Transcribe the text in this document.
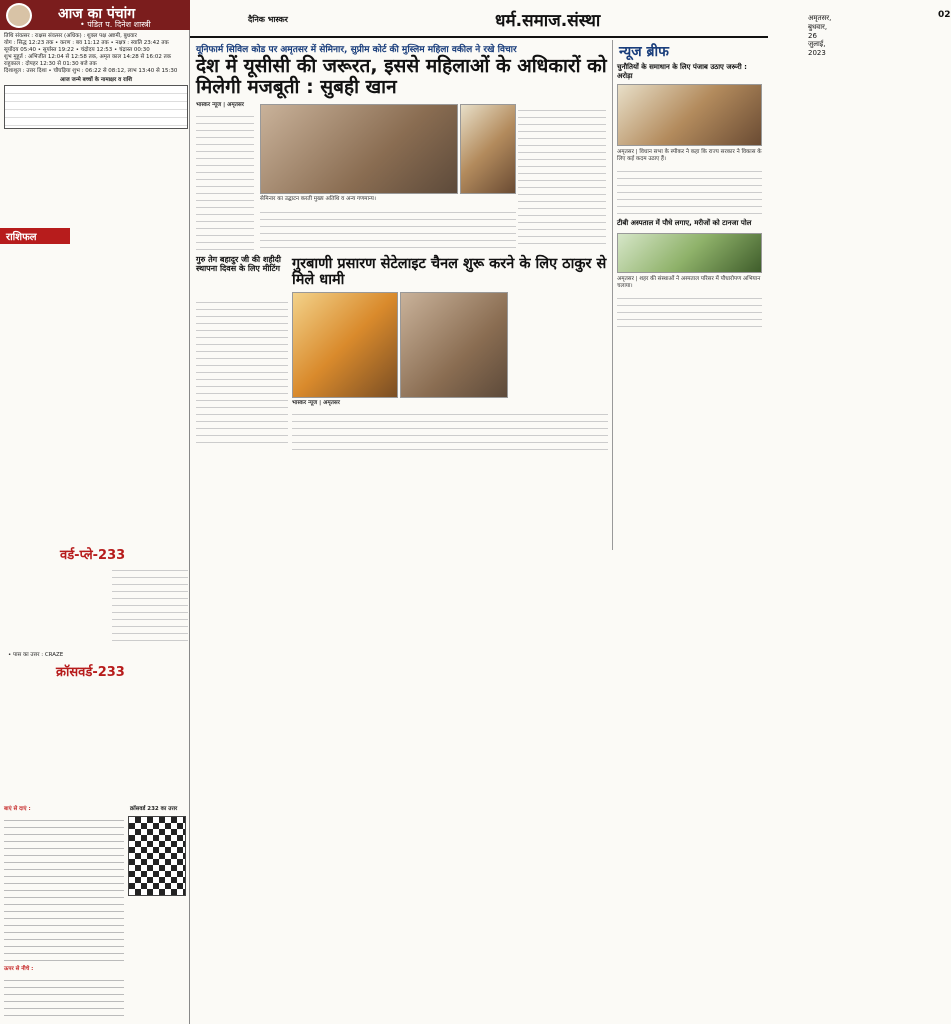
आज का पंचांग
• पंडित प. दिनेश शास्त्री
तिथि संवत्सर : राक्षस संवत्सर (अधिक) : शुक्ल पक्ष अष्टमी, बुधवार
योग : सिद्ध 12:23 तक • करण : बव 11:12 तक • नक्षत्र : स्वाति 23:42 तक
सूर्योदय 05:40 • सूर्यास्त 19:22 • चंद्रोदय 12:53 • चंद्रास्त 00:30
शुभ मुहूर्त : अभिजीत 12:04 से 12:58 तक, अमृत काल 14:28 से 16:02 तक
राहुकाल : दोपहर 12:30 से 01:30 बजे तक
दिशाशूल : उत्तर दिशा • चौघड़िया शुभ : 06:22 से 08:12, लाभ 13:40 से 15:30
आज जन्मे बच्चों के नामाक्षर व राशि
राशिफल
वर्ड-प्ले-233
• पास का उत्तर : CRAZE
क्रॉसवर्ड-233
बाएं से दाएं :
ऊपर से नीचे :
क्रॉसवर्ड 232 का उत्तर
दैनिक भास्कर	धर्म.समाज.संस्था	अमृतसर, बुधवार, 26 जुलाई, 2023
02
यूनिफार्म सिविल कोड पर अमृतसर में सेमिनार, सुप्रीम कोर्ट की मुस्लिम महिला वकील ने रखे विचार
देश में यूसीसी की जरूरत, इससे महिलाओं के अधिकारों को मिलेगी मजबूती : सुबही खान
भास्कर न्यूज | अमृतसर
सेमिनार का उद्घाटन करती मुख्य अतिथि व अन्य गणमान्य।
न्यूज ब्रीफ
चुनौतियों के समाधान के लिए पंजाब उठाए जरूरी : अरोड़ा
अमृतसर | विधान सभा के स्पीकर ने कहा कि राज्य सरकार ने विकास के लिए कई कदम उठाए हैं।
टीबी अस्पताल में पौधे लगाए, मरीजों को टानजा पोल
अमृतसर | शहर की संस्थाओं ने अस्पताल परिसर में पौधारोपण अभियान चलाया।
गुरु तेग बहादुर जी की शहीदी स्थापना दिवस के लिए मीटिंग गुरबाणी प्रसारण सेटेलाइट चैनल शुरू करने के लिए ठाकुर से मिले धामी
भास्कर न्यूज | अमृतसर
